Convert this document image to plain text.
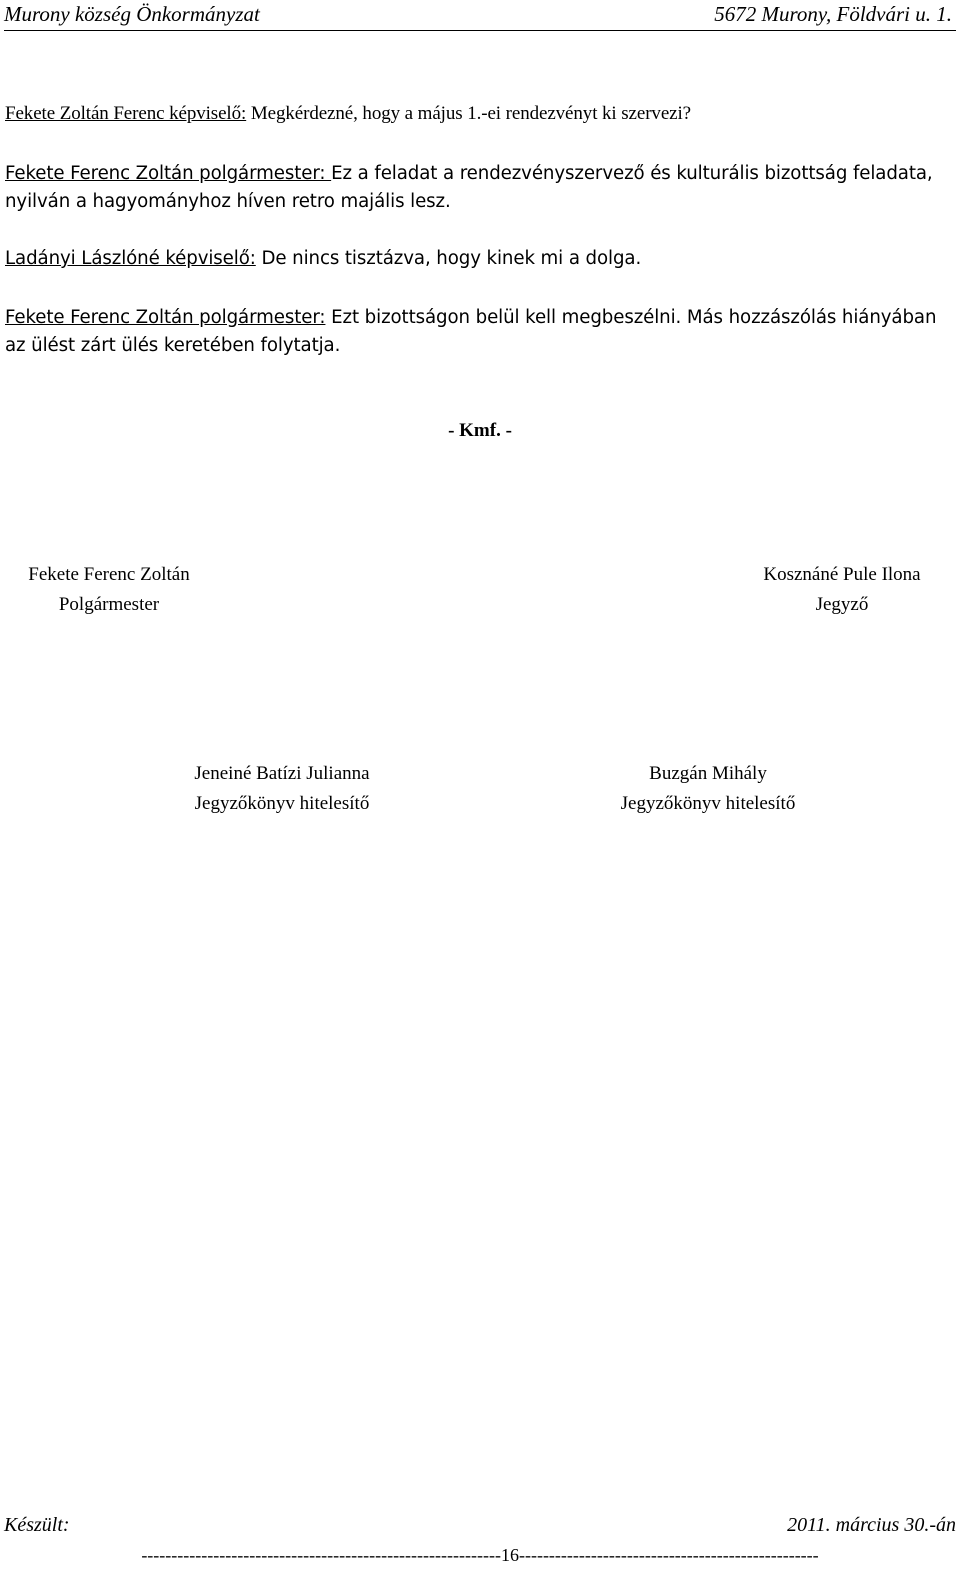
Murony község Önkormányzat	5672 Murony, Földvári u. 1.
Fekete Zoltán Ferenc képviselő: Megkérdezné, hogy a május 1.-ei rendezvényt ki szervezi?
Fekete Ferenc Zoltán polgármester: Ez a feladat a rendezvényszervező és kulturális bizottság feladata, nyilván a hagyományhoz híven retro majális lesz.
Ladányi Lászlóné képviselő: De nincs tisztázva, hogy kinek mi a dolga.
Fekete Ferenc Zoltán polgármester: Ezt bizottságon belül kell megbeszélni. Más hozzászólás hiányában az ülést zárt ülés keretében folytatja.
- Kmf. -
Fekete Ferenc Zoltán
Polgármester
Kosznáné Pule Ilona
Jegyző
Jeneiné Batízi Julianna
Jegyzőkönyv hitelesítő
Buzgán Mihály
Jegyzőkönyv hitelesítő
Készült:	2011. március 30.-án
------------------------------------------------------------16--------------------------------------------------
